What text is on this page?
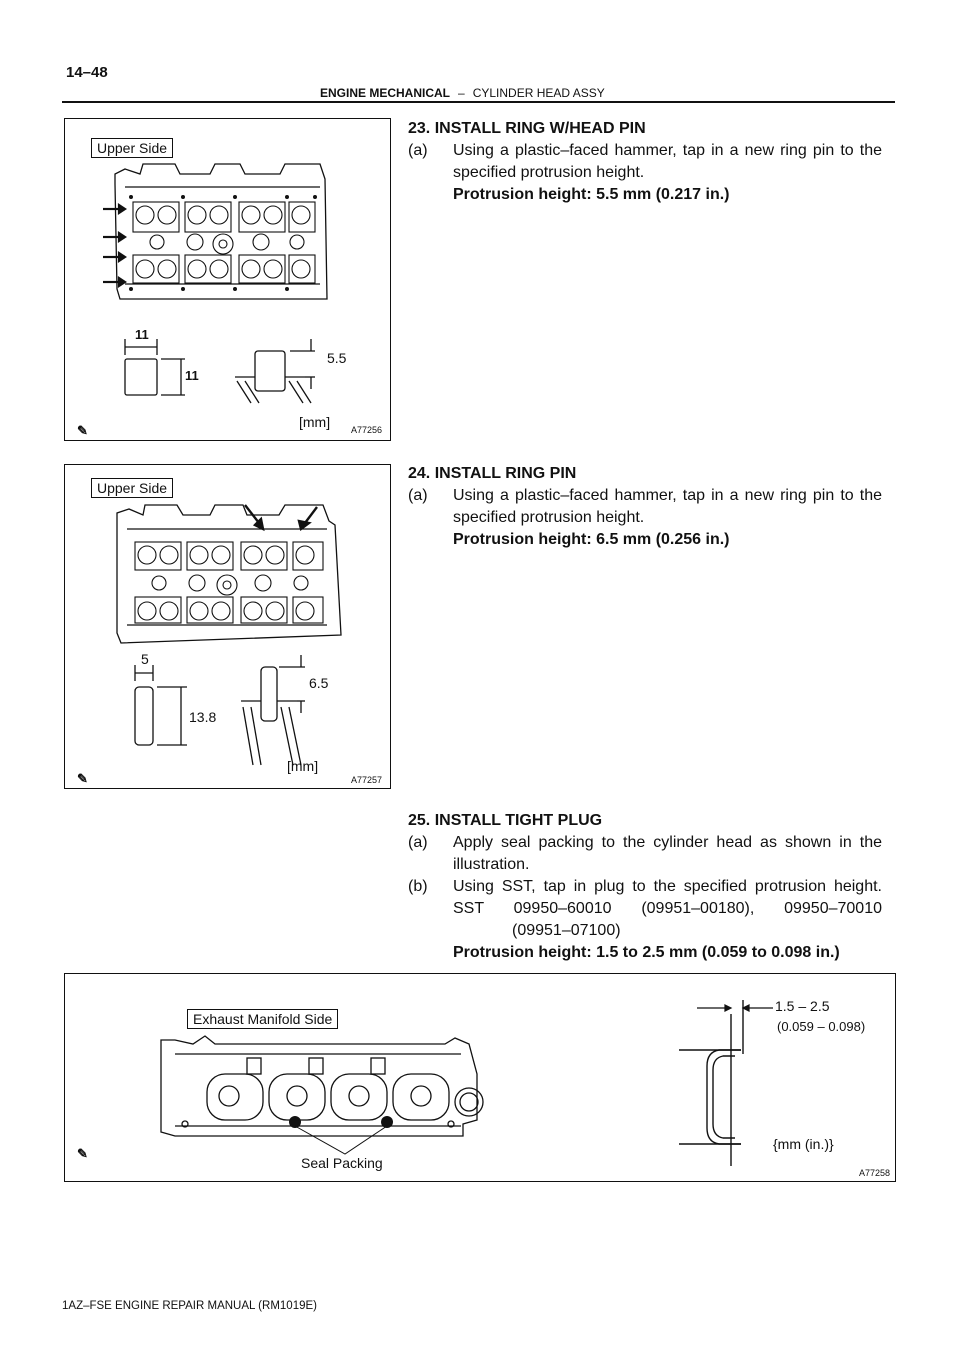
14–48
ENGINE MECHANICAL – CYLINDER HEAD ASSY
Upper Side
11
11
5.5
[mm] A77256
✎
Upper Side
5
13.8
6.5
[mm]
A77257
✎
Exhaust Manifold Side
1.5 – 2.5
(0.059 – 0.098)
{mm (in.)}
Seal Packing
A77258
✎
23. INSTALL RING W/HEAD PIN
(a) Using a plastic–faced hammer, tap in a new ring pin to the
specified protrusion height.
Protrusion height: 5.5 mm (0.217 in.)
24. INSTALL RING PIN
(a) Using a plastic–faced hammer, tap in a new ring pin to the
specified protrusion height.
Protrusion height: 6.5 mm (0.256 in.)
25. INSTALL TIGHT PLUG
(a) Apply seal packing to the cylinder head as shown in the
illustration.
(b) Using SST, tap in plug to the specified protrusion height.
SST 09950–60010 (09951–00180), 09950–70010
(09951–07100)
Protrusion height: 1.5 to 2.5 mm (0.059 to 0.098 in.)
1AZ–FSE ENGINE REPAIR MANUAL (RM1019E)
